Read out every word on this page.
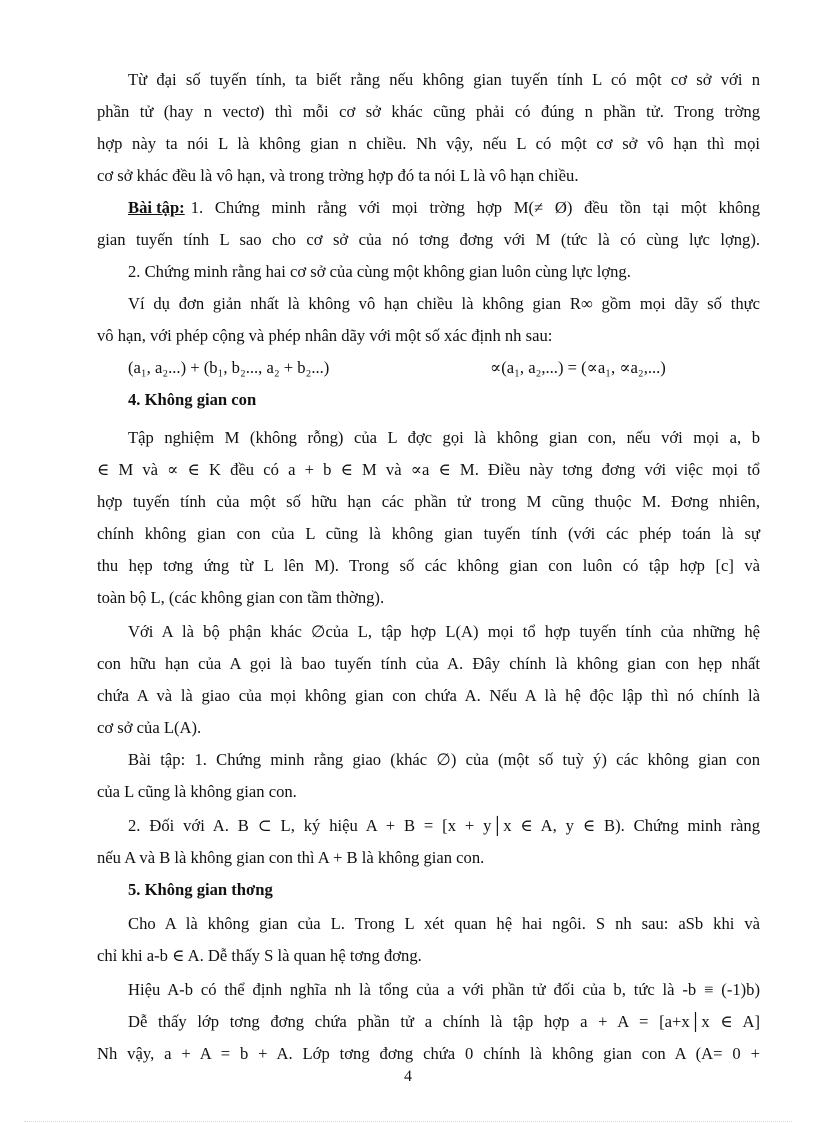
Từ đại số tuyến tính, ta biết rằng nếu không gian tuyến tính L có một cơ sở với n
phần tử (hay n vectơ) thì mỗi cơ sở khác cũng phải có đúng n phần tử. Trong trờng
hợp này ta nói L là không gian n chiều. Nh vậy, nếu L có một cơ sở vô hạn thì mọi
cơ sở khác đều là vô hạn, và trong trờng hợp đó ta nói L là vô hạn chiều.
Bài tập: 1. Chứng minh rằng với mọi trờng hợp M(≠ Ø) đều tồn tại một không
gian tuyến tính L sao cho cơ sở của nó tơng đơng với M (tức là có cùng lực lợng).
2. Chứng minh rằng hai cơ sở của cùng một không gian luôn cùng lực lợng.
Ví dụ đơn giản nhất là không vô hạn chiều là không gian R∞ gồm mọi dãy số thực
vô hạn, với phép cộng và phép nhân dãy với một số xác định nh sau:
(a₁, a₂...) + (b₁, b₂..., a₂ + b₂...)	∝(a₁, a₂,...) = (∝a₁, ∝a₂,...)
4. Không gian con
Tập nghiệm M (không rỗng) của L đợc gọi là không gian con, nếu với mọi a, b
∈ M và ∝ ∈ K đều có a + b ∈ M và ∝a ∈ M. Điều này tơng đơng với việc mọi tổ
hợp tuyến tính của một số hữu hạn các phần tử trong M cũng thuộc M. Đơng nhiên,
chính không gian con của L cũng là không gian tuyến tính (với các phép toán là sự
thu hẹp tơng ứng từ L lên M). Trong số các không gian con luôn có tập hợp [c] và
toàn bộ L, (các không gian con tầm thờng).
Với A là bộ phận khác ∅của L, tập hợp L(A) mọi tổ hợp tuyến tính của những hệ
con hữu hạn của A gọi là bao tuyến tính của A. Đây chính là không gian con hẹp nhất
chứa A và là giao của mọi không gian con chứa A. Nếu A là hệ độc lập thì nó chính là
cơ sở của L(A).
Bài tập: 1. Chứng minh rằng giao (khác ∅) của (một số tuỳ ý) các không gian con
của L cũng là không gian con.
2. Đối với A. B ⊂ L, ký hiệu A + B = [x + y│x ∈ A, y ∈ B). Chứng minh ràng
nếu A và B là không gian con thì A + B là không gian con.
5. Không gian thơng
Cho A là không gian của L. Trong L xét quan hệ hai ngôi. S nh sau: aSb khi và
chỉ khi a-b ∈ A. Dễ thấy S là quan hệ tơng đơng.
Hiệu A-b có thể định nghĩa nh là tổng của a với phần tử đối của b, tức là -b ≡ (-1)b)
Dễ thấy lớp tơng đơng chứa phần tử a chính là tập hợp a + A = [a+x│x ∈ A]
Nh vậy, a + A = b + A. Lớp tơng đơng chứa 0 chính là không gian con A (A= 0 +
4
